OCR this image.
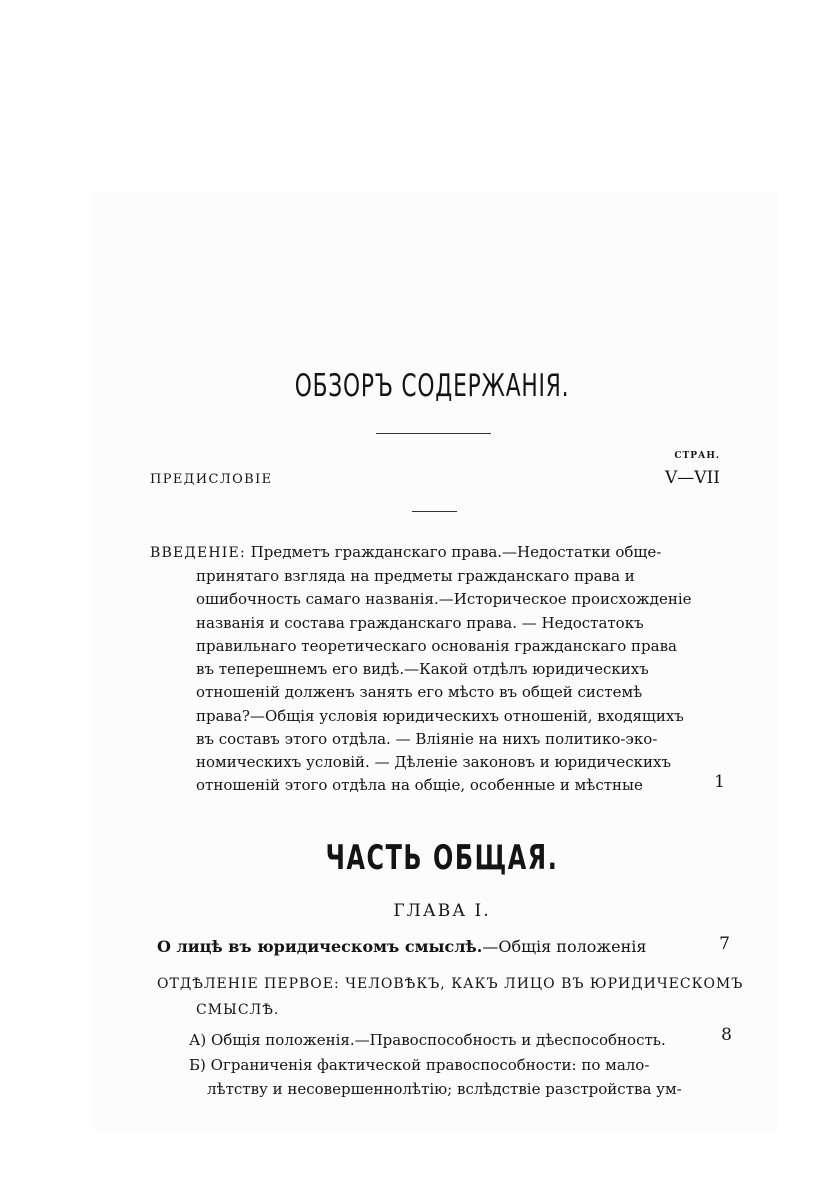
ОБЗОРЪ СОДЕРЖАНІЯ.
СТРАН.
ПРЕДИСЛОВІЕ	V—VII
ВВЕДЕНІЕ: Предметъ гражданскаго права.—Недостатки обще-
принятаго взгляда на предметы гражданскаго права и
ошибочность самаго названія.—Историческое происхожденіе
названія и состава гражданскаго права. — Недостатокъ
правильнаго теоретическаго основанія гражданскаго права
въ теперешнемъ его видѣ.—Какой отдѣлъ юридическихъ
отношеній долженъ занять его мѣсто въ общей системѣ
права?—Общія условія юридическихъ отношеній, входящихъ
въ составъ этого отдѣла. — Вліяніе на нихъ политико-эко-
номическихъ условій. — Дѣленіе законовъ и юридическихъ
отношеній этого отдѣла на общіе, особенные и мѣстные	1
ЧАСТЬ ОБЩАЯ.
ГЛАВА I.
О лицѣ въ юридическомъ смыслѣ.—Общія положенія	7
ОТДѢЛЕНІЕ ПЕРВОЕ: ЧЕЛОВѢКЪ, КАКЪ ЛИЦО ВЪ ЮРИДИЧЕСКОМЪ
СМЫСЛѢ.
А) Общія положенія.—Правоспособность и дѣеспособность.	8
Б) Ограниченія фактической правоспособности: по мало-
лѣтству и несовершеннолѣтію; вслѣдствіе разстройства ум-
